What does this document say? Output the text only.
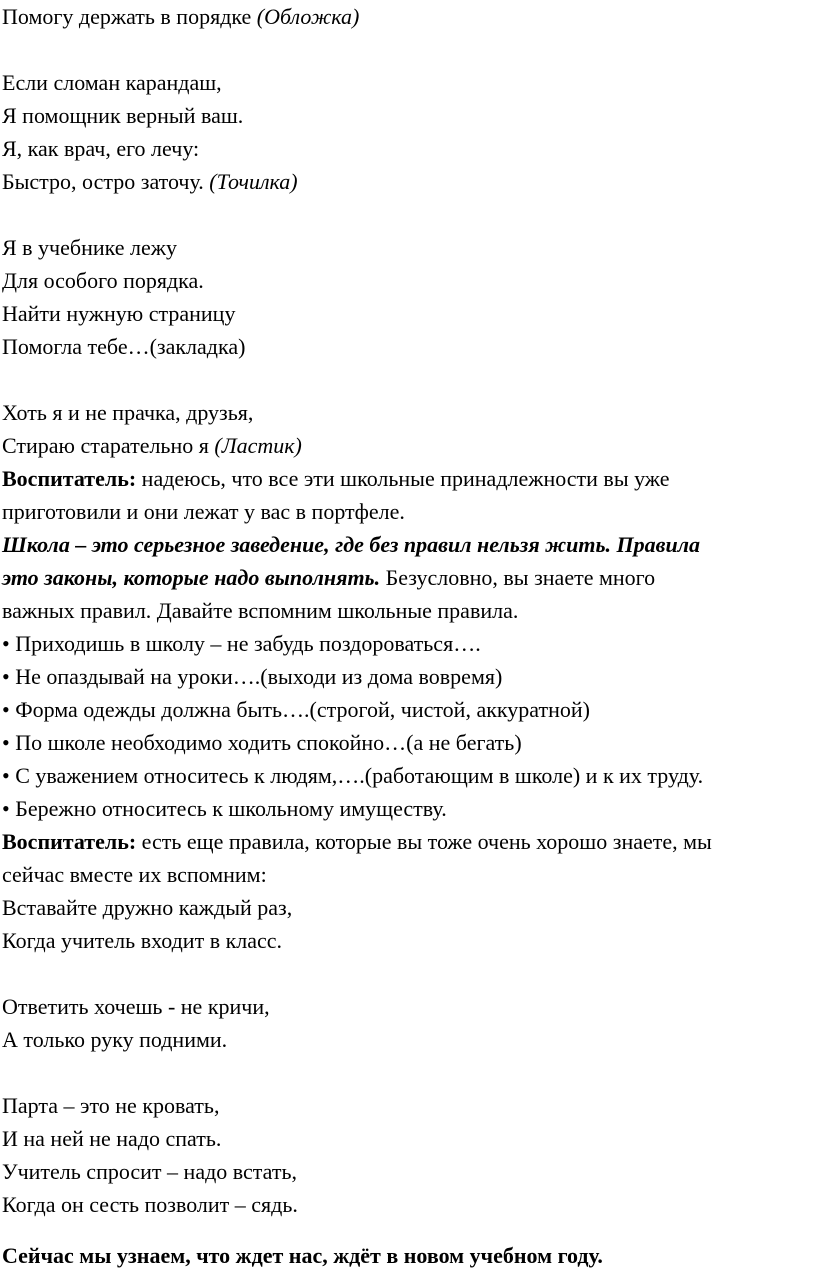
Помогу держать в порядке (Обложка)

Если сломан карандаш,

Я помощник верный ваш.

Я, как врач, его лечу:

Быстро, остро заточу. (Точилка)

Я в учебнике лежу

Для особого порядка.

Найти нужную страницу

Помогла тебе…(закладка)

Хоть я и не прачка, друзья,

Стираю старательно я (Ластик)

Воспитатель: надеюсь, что все эти школьные принадлежности вы уже

приготовили и они лежат у вас в портфеле.

Школа – это серьезное заведение, где без правил нельзя жить. Правила

это законы, которые надо выполнять. Безусловно, вы знаете много

важных правил. Давайте вспомним школьные правила.

• Приходишь в школу – не забудь поздороваться….

• Не опаздывай на уроки….(выходи из дома вовремя)

• Форма одежды должна быть….(строгой, чистой, аккуратной)

• По школе необходимо ходить спокойно…(а не бегать)

• С уважением относитесь к людям,….(работающим в школе) и к их труду.

• Бережно относитесь к школьному имуществу.

Воспитатель: есть еще правила, которые вы тоже очень хорошо знаете, мы

сейчас вместе их вспомним:

Вставайте дружно каждый раз,

Когда учитель входит в класс.

Ответить хочешь - не кричи,

А только руку подними.

Парта – это не кровать,

И на ней не надо спать.

Учитель спросит – надо встать,

Когда он сесть позволит – сядь.

Сейчас мы узнаем, что ждет нас, ждёт в новом учебном году.
